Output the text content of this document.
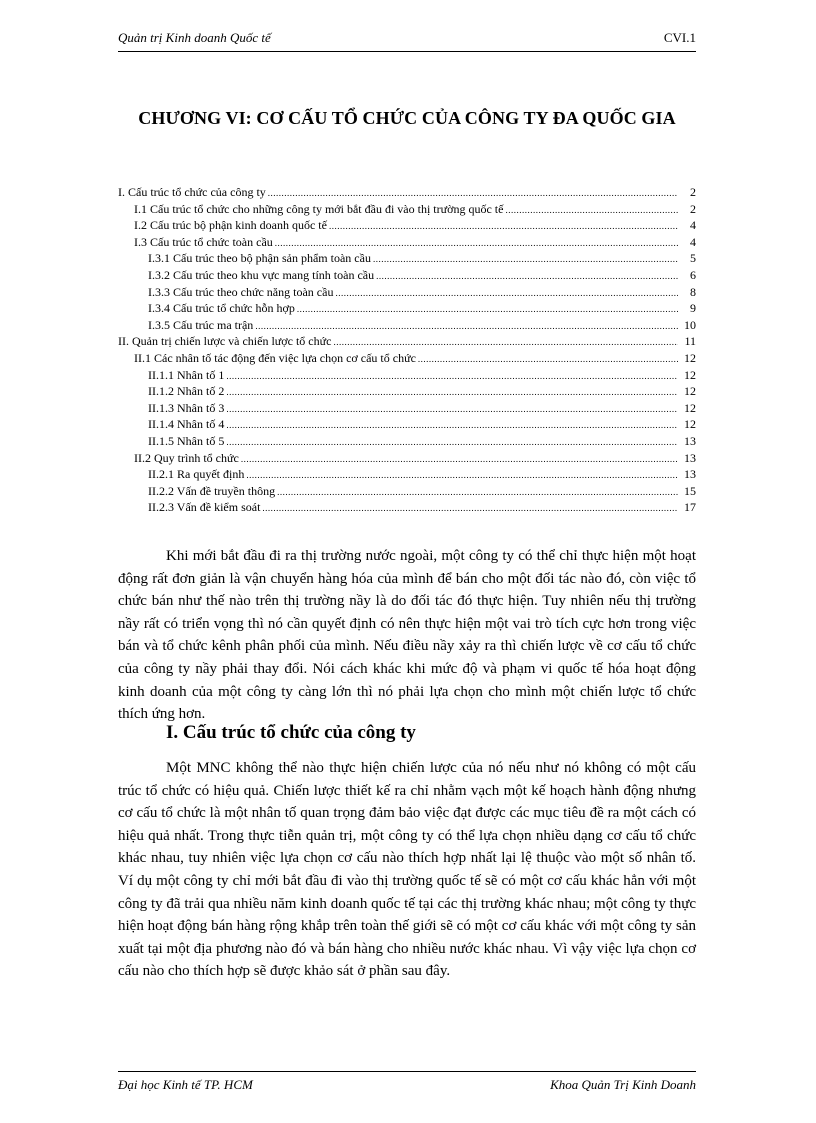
Quản trị Kinh doanh Quốc tế	CVI.1
CHƯƠNG VI: CƠ CẤU TỔ CHỨC CỦA CÔNG TY ĐA QUỐC GIA
I. Cấu trúc tổ chức của công ty .....	2
I.1 Cấu trúc tổ chức cho những công ty mới bắt đầu đi vào thị trường quốc tế .....	2
I.2 Cấu trúc bộ phận kinh doanh quốc tế .....	4
I.3 Cấu trúc tổ chức toàn cầu .....	4
I.3.1 Cấu trúc theo bộ phận sản phẩm toàn cầu .....	5
I.3.2 Cấu trúc theo khu vực mang tính toàn cầu .....	6
I.3.3 Cấu trúc theo chức năng toàn cầu .....	8
I.3.4 Cấu trúc tổ chức hỗn hợp .....	9
I.3.5 Cấu trúc ma trận .....	10
II. Quản trị chiến lược và chiến lược tổ chức .....	11
II.1 Các nhân tố tác động đến việc lựa chọn cơ cấu tổ chức .....	12
II.1.1 Nhân tố 1 .....	12
II.1.2 Nhân tố 2 .....	12
II.1.3 Nhân tố 3 .....	12
II.1.4 Nhân tố 4 .....	12
II.1.5 Nhân tố 5 .....	13
II.2 Quy trình tổ chức .....	13
II.2.1 Ra quyết định .....	13
II.2.2 Vấn đề truyền thông .....	15
II.2.3 Vấn đề kiểm soát .....	17

Khi mới bắt đầu đi ra thị trường nước ngoài, một công ty có thể chỉ thực hiện một hoạt động rất đơn giản là vận chuyển hàng hóa của mình để bán cho một đối tác nào đó, còn việc tổ chức bán như thế nào trên thị trường nầy là do đối tác đó thực hiện. Tuy nhiên nếu thị trường nầy rất có triển vọng thì nó cần quyết định có nên thực hiện một vai trò tích cực hơn trong việc bán và tổ chức kênh phân phối của mình. Nếu điều nầy xảy ra thì chiến lược về cơ cấu tổ chức của công ty nầy phải thay đổi. Nói cách khác khi mức độ và phạm vi quốc tế hóa hoạt động kinh doanh của một công ty càng lớn thì nó phải lựa chọn cho mình một chiến lược tổ chức thích ứng hơn.

I. Cấu trúc tổ chức của công ty

Một MNC không thể nào thực hiện chiến lược của nó nếu như nó không có một cấu trúc tổ chức có hiệu quả. Chiến lược thiết kế ra chỉ nhằm vạch một kế hoạch hành động nhưng cơ cấu tổ chức là một nhân tố quan trọng đảm bảo việc đạt được các mục tiêu đề ra một cách có hiệu quả nhất. Trong thực tiễn quản trị, một công ty có thể lựa chọn nhiều dạng cơ cấu tổ chức khác nhau, tuy nhiên việc lựa chọn cơ cấu nào thích hợp nhất lại lệ thuộc vào một số nhân tố. Ví dụ một công ty chỉ mới bắt đầu đi vào thị trường quốc tế sẽ có một cơ cấu khác hẳn với một công ty đã trải qua nhiều năm kinh doanh quốc tế tại các thị trường khác nhau; một công ty thực hiện hoạt động bán hàng rộng khắp trên toàn thế giới sẽ có một cơ cấu khác với một công ty sản xuất tại một địa phương nào đó và bán hàng cho nhiều nước khác nhau. Vì vậy việc lựa chọn cơ cấu nào cho thích hợp sẽ được khảo sát ở phần sau đây.

Đại học Kinh tế TP. HCM	Khoa Quản Trị Kinh Doanh
